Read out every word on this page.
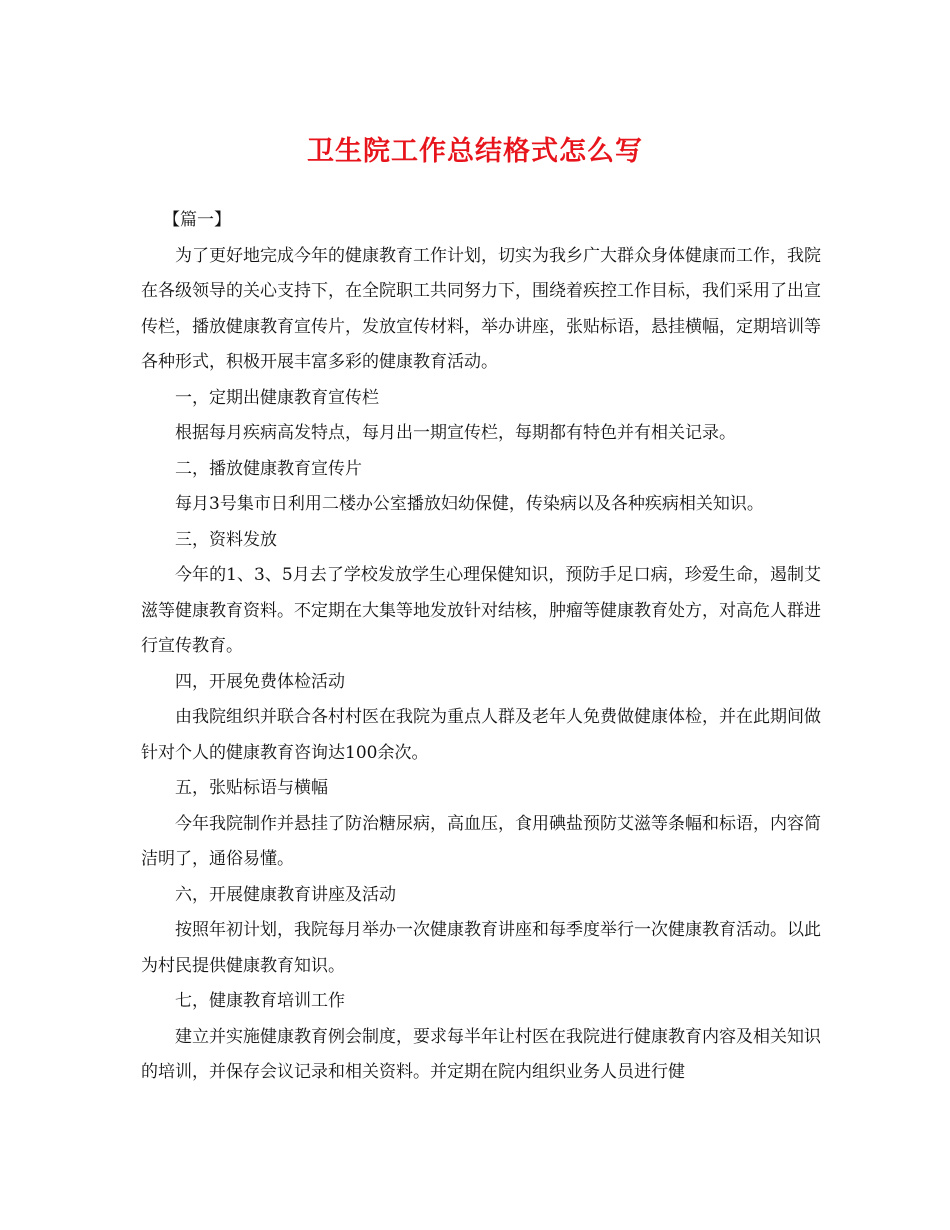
卫生院工作总结格式怎么写

【篇一】

为了更好地完成今年的健康教育工作计划，切实为我乡广大群众身体健康而工作，我院在各级领导的关心支持下，在全院职工共同努力下，围绕着疾控工作目标，我们采用了出宣传栏，播放健康教育宣传片，发放宣传材料，举办讲座，张贴标语，悬挂横幅，定期培训等各种形式，积极开展丰富多彩的健康教育活动。

一，定期出健康教育宣传栏

根据每月疾病高发特点，每月出一期宣传栏，每期都有特色并有相关记录。

二，播放健康教育宣传片

每月3号集市日利用二楼办公室播放妇幼保健，传染病以及各种疾病相关知识。

三，资料发放

今年的1、3、5月去了学校发放学生心理保健知识，预防手足口病，珍爱生命，遏制艾滋等健康教育资料。不定期在大集等地发放针对结核，肿瘤等健康教育处方，对高危人群进行宣传教育。

四，开展免费体检活动

由我院组织并联合各村村医在我院为重点人群及老年人免费做健康体检，并在此期间做针对个人的健康教育咨询达100余次。

五，张贴标语与横幅

今年我院制作并悬挂了防治糖尿病，高血压，食用碘盐预防艾滋等条幅和标语，内容简洁明了，通俗易懂。

六，开展健康教育讲座及活动

按照年初计划，我院每月举办一次健康教育讲座和每季度举行一次健康教育活动。以此为村民提供健康教育知识。

七，健康教育培训工作

建立并实施健康教育例会制度，要求每半年让村医在我院进行健康教育内容及相关知识的培训，并保存会议记录和相关资料。并定期在院内组织业务人员进行健
